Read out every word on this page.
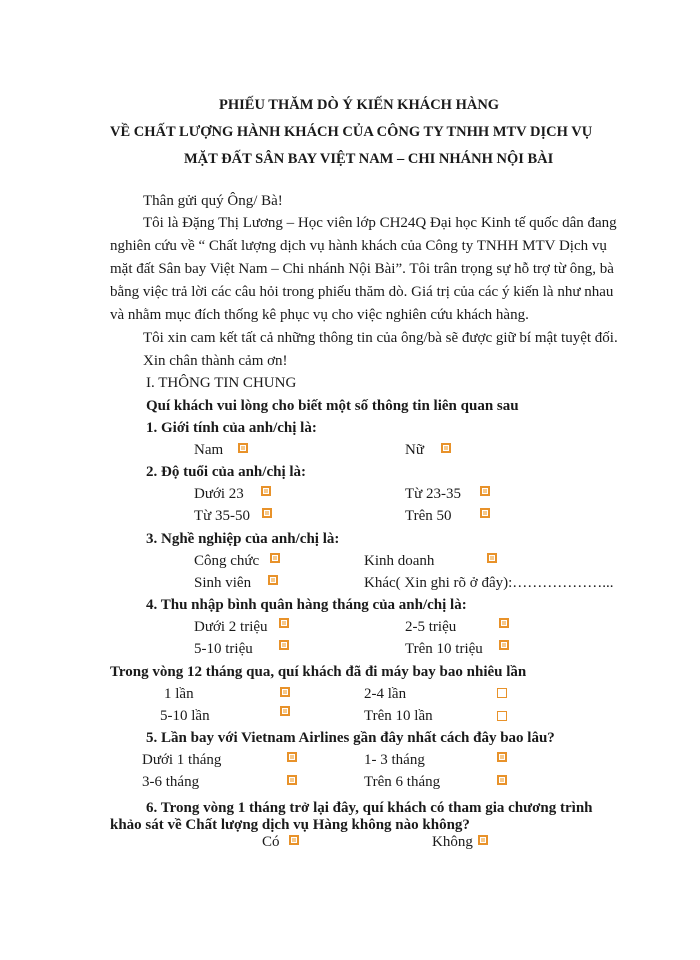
PHIẾU THĂM DÒ Ý KIẾN KHÁCH HÀNG
VỀ CHẤT LƯỢNG HÀNH KHÁCH CỦA CÔNG TY TNHH MTV DỊCH VỤ
MẶT ĐẤT SÂN BAY VIỆT NAM – CHI NHÁNH NỘI BÀI
Thân gửi quý Ông/ Bà!
Tôi là Đặng Thị Lương – Học viên lớp CH24Q Đại học Kinh tế quốc dân đang
nghiên cứu về “ Chất lượng dịch vụ hành khách của Công ty TNHH MTV Dịch vụ
mặt đất Sân bay Việt Nam – Chi nhánh Nội Bài”. Tôi trân trọng sự hỗ trợ từ ông, bà
bằng việc trả lời các câu hỏi trong phiếu thăm dò. Giá trị của các ý kiến là như nhau
và nhằm mục đích thống kê phục vụ cho việc nghiên cứu khách hàng.
Tôi xin cam kết tất cả những thông tin của ông/bà sẽ được giữ bí mật tuyệt đối.
Xin chân thành cảm ơn!
I. THÔNG TIN CHUNG
Quí khách vui lòng cho biết một số thông tin liên quan sau
1. Giới tính của anh/chị là:
Nam	Nữ
2. Độ tuổi của anh/chị là:
Dưới 23	Từ 23-35
Từ 35-50	Trên 50
3. Nghề nghiệp của anh/chị là:
Công chức	Kinh doanh
Sinh viên	Khác( Xin ghi rõ ở đây):………………...
4. Thu nhập bình quân hàng tháng của anh/chị là:
Dưới 2 triệu	2-5 triệu
5-10 triệu	Trên 10 triệu
Trong vòng 12 tháng qua, quí khách đã đi máy bay bao nhiêu lần
1 lần	2-4 lần
5-10 lần	Trên 10 lần
5. Lần bay với Vietnam Airlines gần đây nhất cách đây bao lâu?
Dưới 1 tháng	1- 3 tháng
3-6 tháng	Trên 6 tháng
6. Trong vòng 1 tháng trở lại đây, quí khách có tham gia chương trình
khảo sát về Chất lượng dịch vụ Hàng không nào không?
Có	Không
